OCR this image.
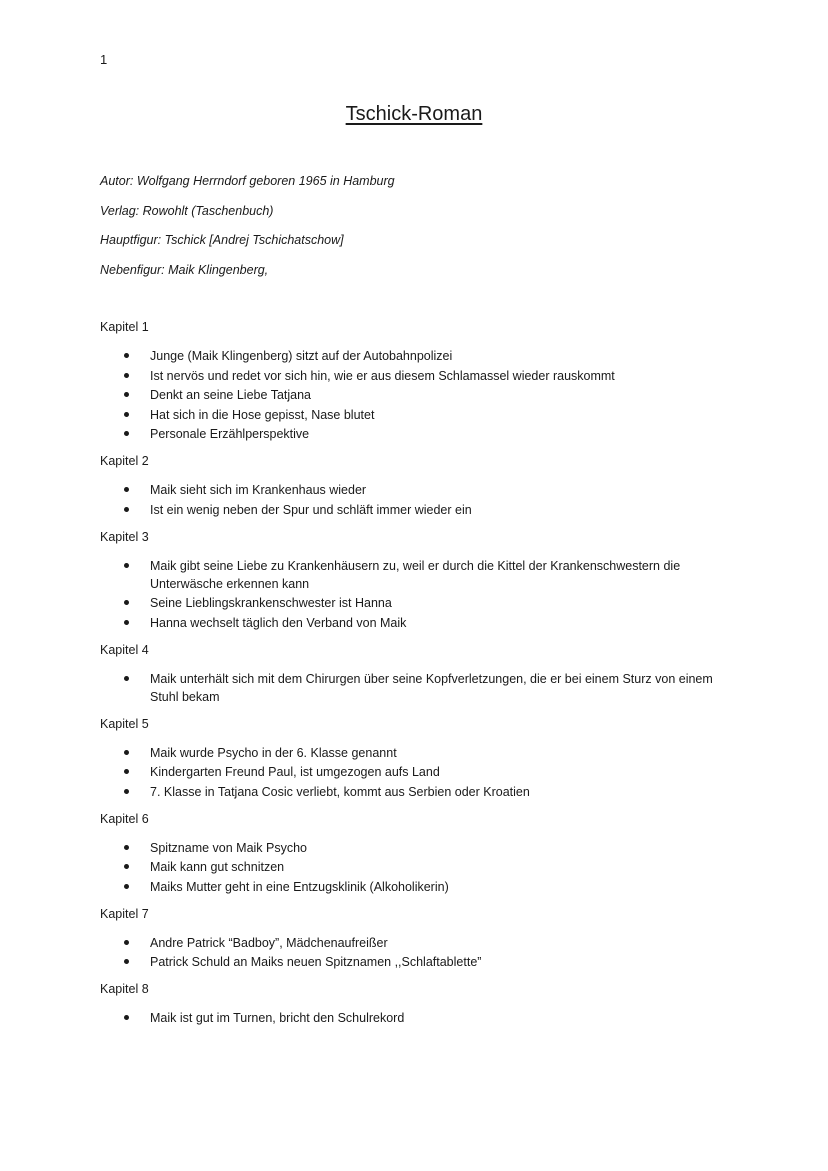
1
Tschick-Roman
Autor: Wolfgang Herrndorf geboren 1965 in Hamburg
Verlag: Rowohlt (Taschenbuch)
Hauptfigur: Tschick [Andrej Tschichatschow]
Nebenfigur: Maik Klingenberg,
Kapitel 1
Junge (Maik Klingenberg) sitzt auf der Autobahnpolizei
Ist nervös und redet vor sich hin, wie er aus diesem Schlamassel wieder rauskommt
Denkt an seine Liebe Tatjana
Hat sich in die Hose gepisst, Nase blutet
Personale Erzählperspektive
Kapitel 2
Maik sieht sich im Krankenhaus wieder
Ist ein wenig neben der Spur und schläft immer wieder ein
Kapitel 3
Maik gibt seine Liebe zu Krankenhäusern zu, weil er durch die Kittel der Krankenschwestern die Unterwäsche erkennen kann
Seine Lieblingskrankenschwester ist Hanna
Hanna wechselt täglich den Verband von Maik
Kapitel 4
Maik unterhält sich mit dem Chirurgen über seine Kopfverletzungen, die er bei einem Sturz von einem Stuhl bekam
Kapitel 5
Maik wurde Psycho in der 6. Klasse genannt
Kindergarten Freund Paul, ist umgezogen aufs Land
7. Klasse in Tatjana Cosic verliebt, kommt aus Serbien oder Kroatien
Kapitel 6
Spitzname von Maik Psycho
Maik kann gut schnitzen
Maiks Mutter geht in eine Entzugsklinik (Alkoholikerin)
Kapitel 7
Andre Patrick “Badboy”, Mädchenaufreißer
Patrick Schuld an Maiks neuen Spitznamen ,,Schlaftablette”
Kapitel 8
Maik ist gut im Turnen, bricht den Schulrekord
